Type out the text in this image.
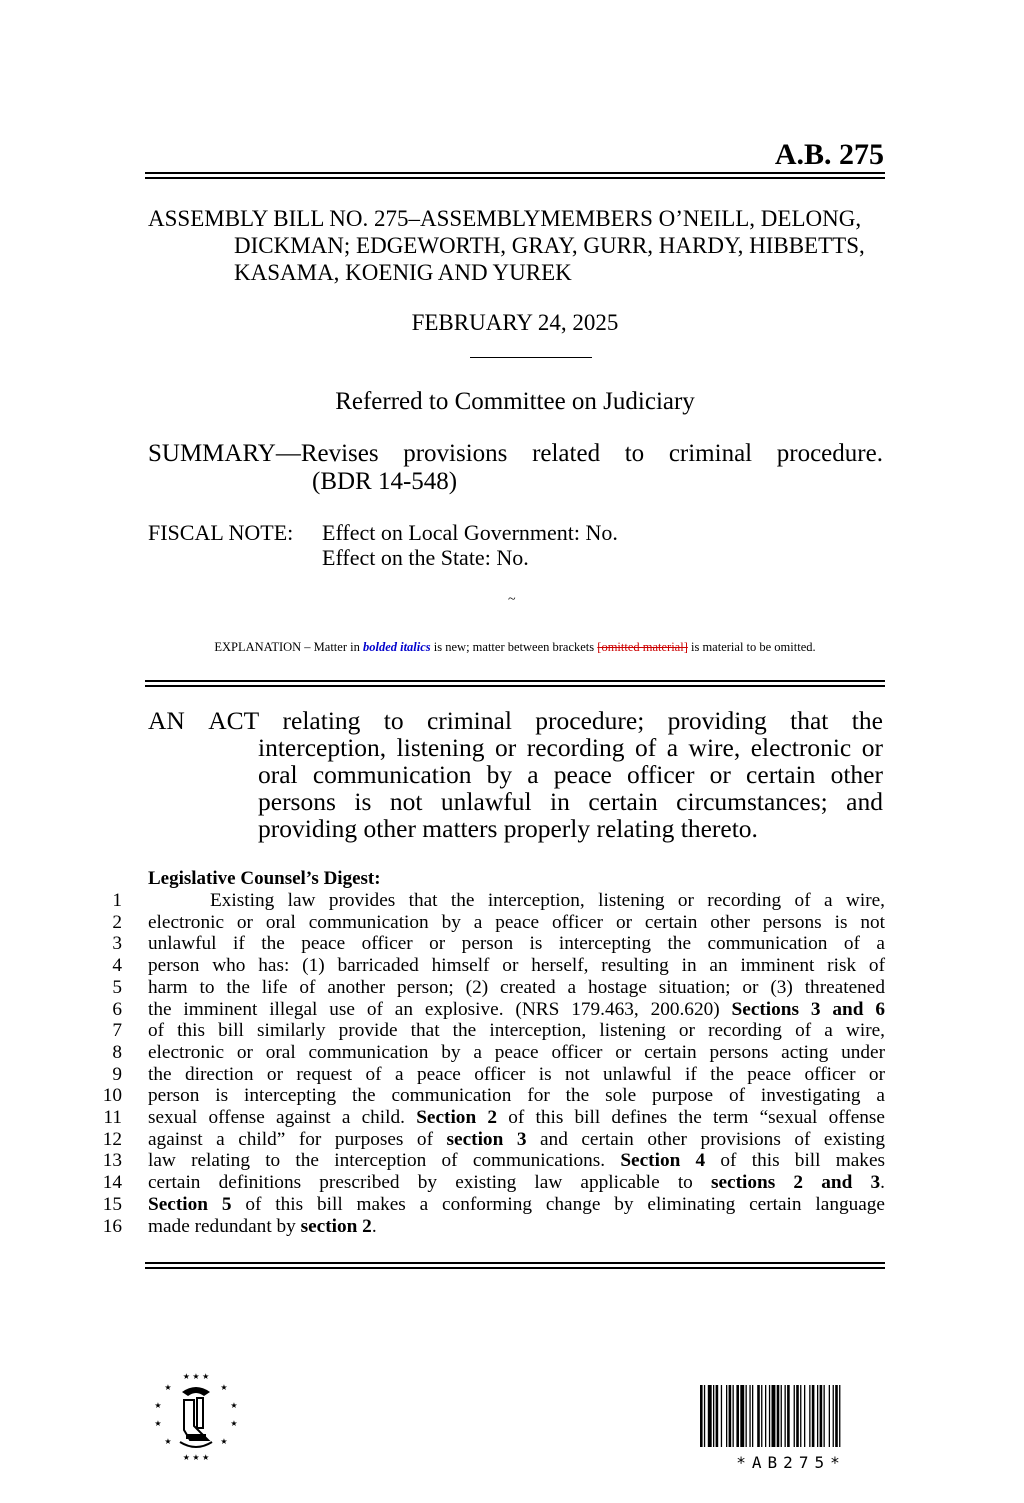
A.B. 275
ASSEMBLY BILL NO. 275–ASSEMBLYMEMBERS O’NEILL, DELONG,
DICKMAN; EDGEWORTH, GRAY, GURR, HARDY, HIBBETTS,
KASAMA, KOENIG AND YUREK
FEBRUARY 24, 2025
Referred to Committee on Judiciary
SUMMARY—Revises provisions related to criminal procedure.
(BDR 14-548)
FISCAL NOTE: Effect on Local Government: No.
Effect on the State: No.
~
EXPLANATION – Matter in bolded italics is new; matter between brackets [omitted material] is material to be omitted.
AN ACT relating to criminal procedure; providing that the
interception, listening or recording of a wire, electronic or
oral communication by a peace officer or certain other
persons is not unlawful in certain circumstances; and
providing other matters properly relating thereto.
Legislative Counsel’s Digest:
1	Existing law provides that the interception, listening or recording of a wire,
2	electronic or oral communication by a peace officer or certain other persons is not
3	unlawful if the peace officer or person is intercepting the communication of a
4	person who has: (1) barricaded himself or herself, resulting in an imminent risk of
5	harm to the life of another person; (2) created a hostage situation; or (3) threatened
6	the imminent illegal use of an explosive. (NRS 179.463, 200.620) Sections 3 and 6
7	of this bill similarly provide that the interception, listening or recording of a wire,
8	electronic or oral communication by a peace officer or certain persons acting under
9	the direction or request of a peace officer is not unlawful if the peace officer or
10	person is intercepting the communication for the sole purpose of investigating a
11	sexual offense against a child. Section 2 of this bill defines the term “sexual offense
12	against a child” for purposes of section 3 and certain other provisions of existing
13	law relating to the interception of communications. Section 4 of this bill makes
14	certain definitions prescribed by existing law applicable to sections 2 and 3.
15	Section 5 of this bill makes a conforming change by eliminating certain language
16	made redundant by section 2.
★ ★ ★
★	★
★	★
★	★
★	★
★ ★ ★	*AB275*
